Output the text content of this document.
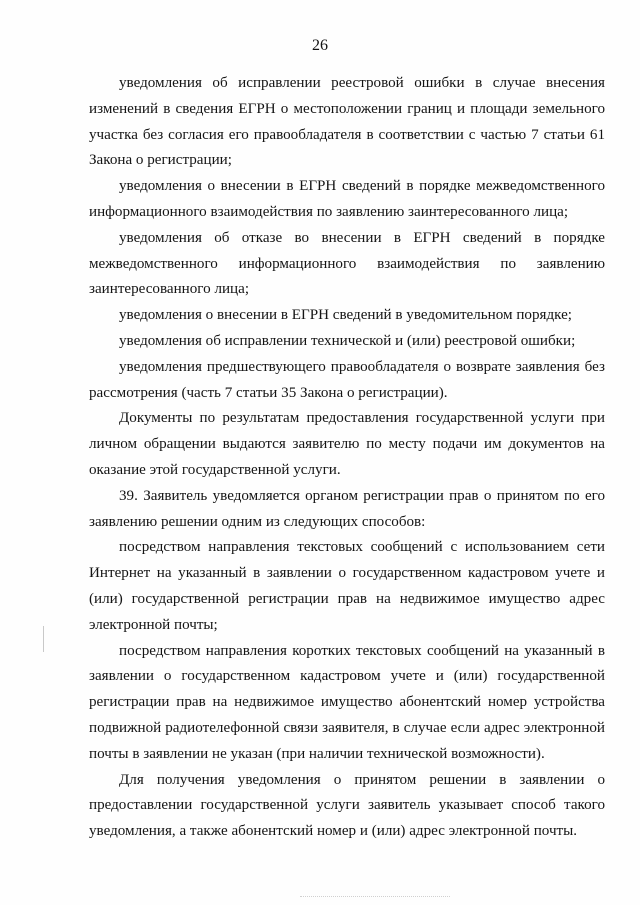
26

уведомления об исправлении реестровой ошибки в случае внесения изменений в сведения ЕГРН о местоположении границ и площади земельного участка без согласия его правообладателя в соответствии с частью 7 статьи 61 Закона о регистрации;

уведомления о внесении в ЕГРН сведений в порядке межведомственного информационного взаимодействия по заявлению заинтересованного лица;

уведомления об отказе во внесении в ЕГРН сведений в порядке межведомственного информационного взаимодействия по заявлению заинтересованного лица;

уведомления о внесении в ЕГРН сведений в уведомительном порядке;

уведомления об исправлении технической и (или) реестровой ошибки;

уведомления предшествующего правообладателя о возврате заявления без рассмотрения (часть 7 статьи 35 Закона о регистрации).

Документы по результатам предоставления государственной услуги при личном обращении выдаются заявителю по месту подачи им документов на оказание этой государственной услуги.

39. Заявитель уведомляется органом регистрации прав о принятом по его заявлению решении одним из следующих способов:

посредством направления текстовых сообщений с использованием сети Интернет на указанный в заявлении о государственном кадастровом учете и (или) государственной регистрации прав на недвижимое имущество адрес электронной почты;

посредством направления коротких текстовых сообщений на указанный в заявлении о государственном кадастровом учете и (или) государственной регистрации прав на недвижимое имущество абонентский номер устройства подвижной радиотелефонной связи заявителя, в случае если адрес электронной почты в заявлении не указан (при наличии технической возможности).

Для получения уведомления о принятом решении в заявлении о предоставлении государственной услуги заявитель указывает способ такого уведомления, а также абонентский номер и (или) адрес электронной почты.
